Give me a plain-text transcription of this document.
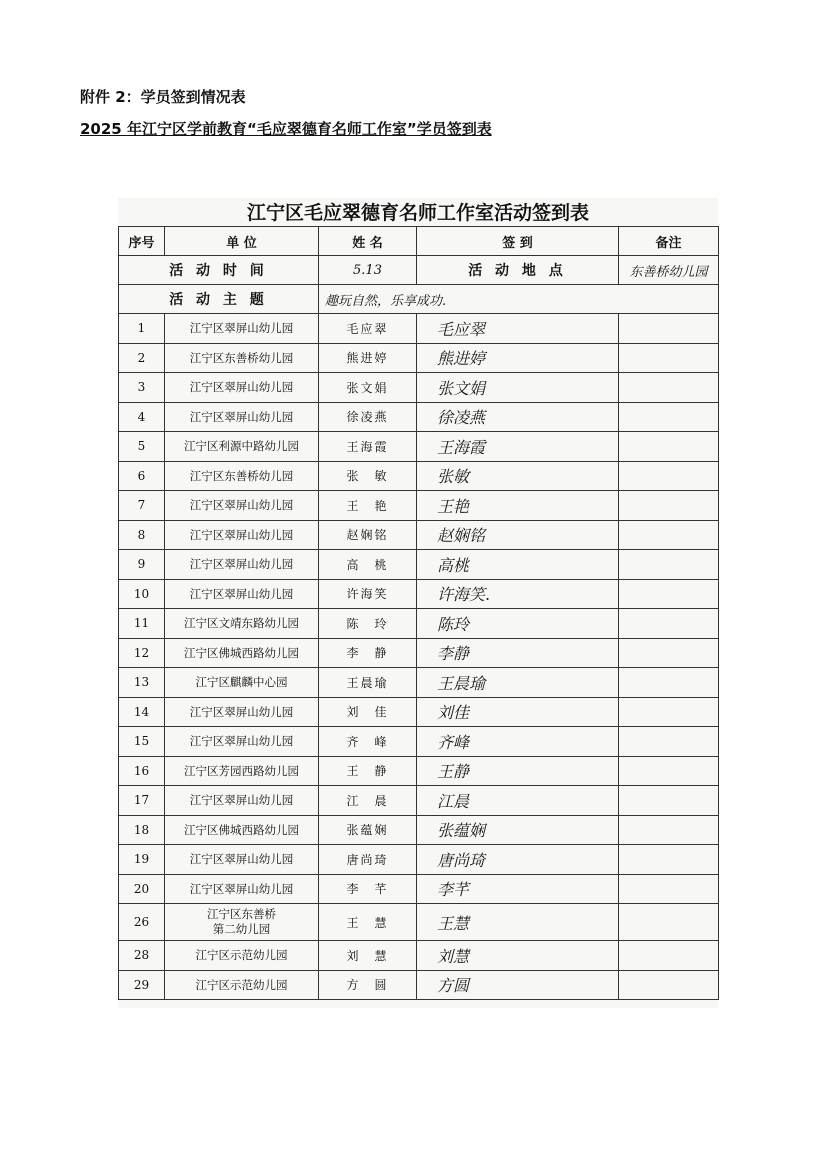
附件 2：学员签到情况表
2025 年江宁区学前教育“毛应翠德育名师工作室”学员签到表
江宁区毛应翠德育名师工作室活动签到表
活 动 时 间		5.13	活 动 地 点	东善桥幼儿园
活 动 主 题		趣玩自然，乐享成功.		
序号	单 位	姓 名	签 到	备注
1	江宁区翠屏山幼儿园	毛应翠	毛应翠	
2	江宁区东善桥幼儿园	熊进婷	熊进婷	
3	江宁区翠屏山幼儿园	张文娟	张文娟	
4	江宁区翠屏山幼儿园	徐凌燕	徐凌燕	
5	江宁区利源中路幼儿园	王海霞	王海霞	
6	江宁区东善桥幼儿园	张　敏	张敏	
7	江宁区翠屏山幼儿园	王　艳	王艳	
8	江宁区翠屏山幼儿园	赵娴铭	赵娴铭	
9	江宁区翠屏山幼儿园	高　桃	高桃	
10	江宁区翠屏山幼儿园	许海笑	许海笑.	
11	江宁区文靖东路幼儿园	陈　玲	陈玲	
12	江宁区佛城西路幼儿园	李　静	李静	
13	江宁区麒麟中心园	王晨瑜	王晨瑜	
14	江宁区翠屏山幼儿园	刘　佳	刘佳	
15	江宁区翠屏山幼儿园	齐　峰	齐峰	
16	江宁区芳园西路幼儿园	王　静	王静	
17	江宁区翠屏山幼儿园	江　晨	江晨	
18	江宁区佛城西路幼儿园	张蕴娴	张蕴娴	
19	江宁区翠屏山幼儿园	唐尚琦	唐尚琦	
20	江宁区翠屏山幼儿园	李　芊	李芊	
26	江宁区东善桥
第二幼儿园	王　慧	王慧	
28	江宁区示范幼儿园	刘　慧	刘慧	
29	江宁区示范幼儿园	方　圆	方圆	
